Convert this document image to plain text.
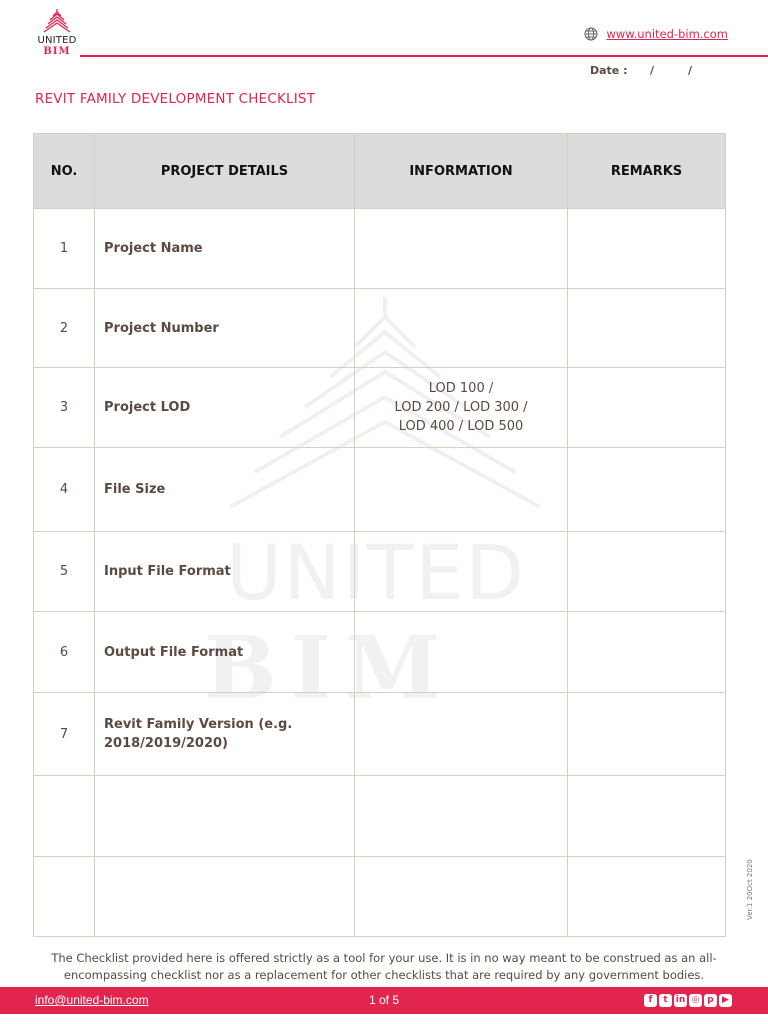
UNITED
BIM
www.united-bim.com
Date : /	/
REVIT FAMILY DEVELOPMENT CHECKLIST
UNITED
BIM
NO.	PROJECT DETAILS	INFORMATION	REMARKS
1	Project Name		
2	Project Number		
3	Project LOD	LOD 100 /
LOD 200 / LOD 300 /
LOD 400 / LOD 500	

4	File Size		
5	Input File Format		
6	Output File Format		
7	Revit Family Version (e.g.
2018/2019/2020)		

Ver.1 20Oct 2020
The Checklist provided here is offered strictly as a tool for your use. It is in no way meant to be construed as an all-encompassing checklist nor as a replacement for other checklists that are required by any government bodies.
info@united-bim.com	1 of 5	f	t in ◎ p ▶
